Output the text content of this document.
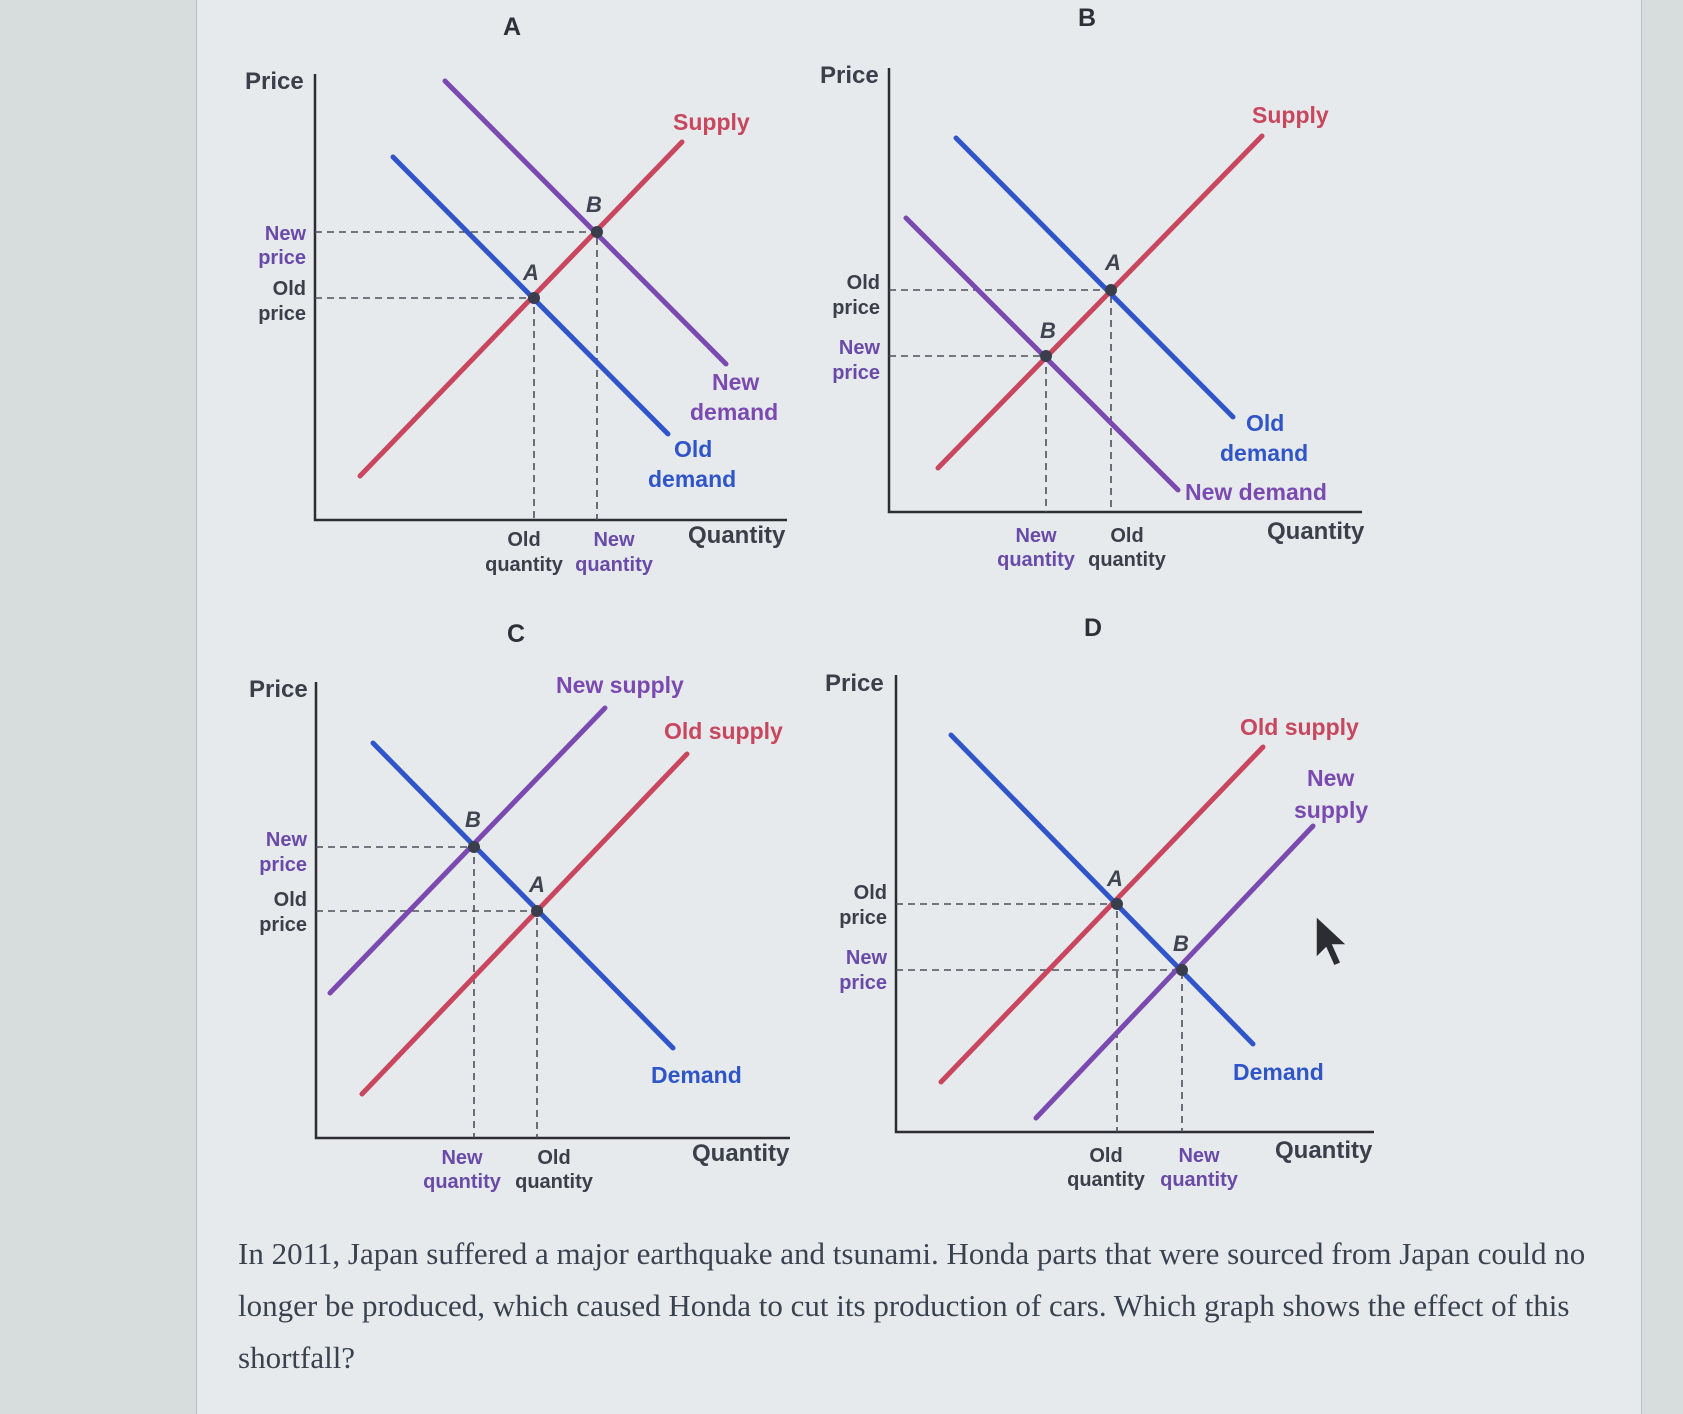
A
Price
Quantity
New
price
Old
price
A
B
Supply
New
demand
Old
demand
Old
quantity
New
quantity
B
Price
Quantity
Old
price
New
price
A
B
Supply
Old
demand
New demand
New
quantity
Old
quantity
C
Price
Quantity
New
price
Old
price
A
B
New supply
Old supply
Demand
New
quantity
Old
quantity
D
Price
Quantity
Old
price
New
price
A
B
Old supply
New
supply
Demand
Old
quantity
New
quantity

In 2011, Japan suffered a major earthquake and tsunami. Honda parts that were sourced from Japan could no longer be produced, which caused Honda to cut its production of cars. Which graph shows the effect of this shortfall?
